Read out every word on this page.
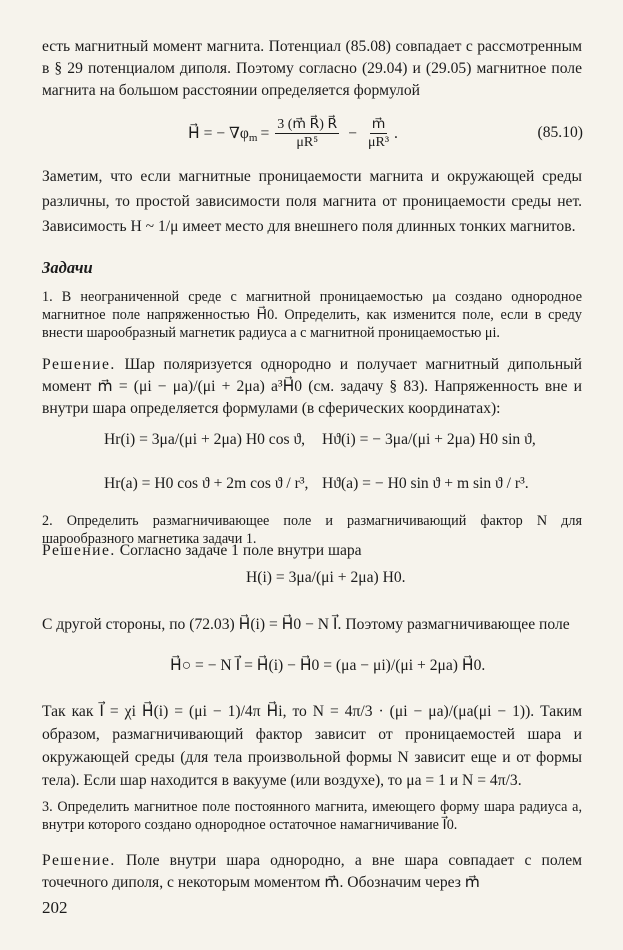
есть магнитный момент магнита. Потенциал (85.08) совпадает с рассмотренным в § 29 потенциалом диполя. Поэтому согласно (29.04) и (29.05) магнитное поле магнита на большом расстоянии определяется формулой
H⃗ = − $\nabla\varphi_m = \frac{3 (m⃗ R⃗) R⃗}{\text{μR⁵}} - \frac{m⃗}{\text{μR³}}$ .	(85.10)
Заметим, что если магнитные проницаемости магнита и окружающей среды различны, то простой зависимости поля магнита от проницаемости среды нет. Зависимость H ~ 1/μ имеет место для внешнего поля длинных тонких магнитов.
Задачи
1. В неограниченной среде с магнитной проницаемостью μa создано однородное магнитное поле напряженностью H⃗0. Определить, как изменится поле, если в среду внести шарообразный магнетик радиуса a с магнитной проницаемостью μi.
Решение. Шар поляризуется однородно и получает магнитный дипольный момент m⃗ = (μi − μa)/(μi + 2μa) a³H⃗0 (см. задачу § 83). Напряженность вне и внутри шара определяется формулами (в сферических координатах):
Hr(i) = 3μa/(μi + 2μa) H0 cos ϑ, Hϑ(i) = − 3μa/(μi + 2μa) H0 sin ϑ,
Hr(a) = H0 cos ϑ + 2m cos ϑ / r³, Hϑ(a) = − H0 sin ϑ + m sin ϑ / r³.
2. Определить размагничивающее поле и размагничивающий фактор N для шарообразного магнетика задачи 1.
Решение. Согласно задаче 1 поле внутри шара
H(i) = 3μa/(μi + 2μa) H0.
С другой стороны, по (72.03) H⃗(i) = H⃗0 − N I⃗. Поэтому размагничивающее поле
H⃗○ = − N I⃗ = H⃗(i) − H⃗0 = (μa − μi)/(μi + 2μa) H⃗0.
Так как I⃗ = χi H⃗(i) = (μi − 1)/4π H⃗i, то N = 4π/3 · (μi − μa)/(μa(μi − 1)). Таким образом, размагничивающий фактор зависит от проницаемостей шара и окружающей среды (для тела произвольной формы N зависит еще и от формы тела). Если шар находится в вакууме (или воздухе), то μa = 1 и N = 4π/3.
3. Определить магнитное поле постоянного магнита, имеющего форму шара радиуса a, внутри которого создано однородное остаточное намагничивание I⃗0.
Решение. Поле внутри шара однородно, а вне шара совпадает с полем точечного диполя, с некоторым моментом m⃗. Обозначим через m⃗
202
